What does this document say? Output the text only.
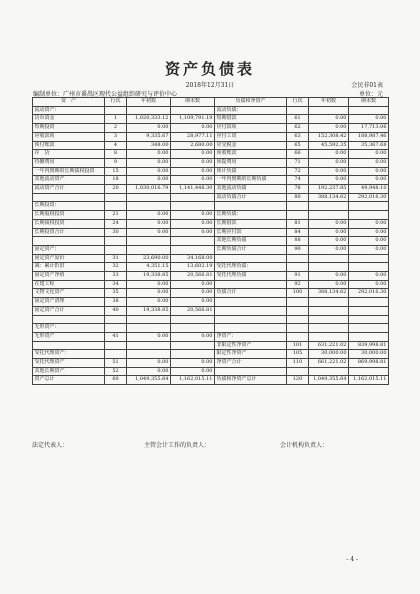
资产负债表
2018年12月31日	会民非01表
编制单位：广州市番禺区现代公益组织研究与评价中心	单位：元
资　产	行次	年初数	期末数	负债和净资产	行次	年初数	期末数
流动资产：				流动负债：			
货币资金	1	1,020,333.12	1,109,791.19	短期借款	61	0.00	0.00
短期投资	2	0.00	0.00	应付款项	62	0.00	17,713.06
应收款项	3	9,335.67	28,977.11	应付工资	63	152,308.42	188,987.46
预付账款	4	348.00	2,680.00	应交税金	65	45,592.35	35,367.68
存　货	8	0.00	0.00	预收账款	66	0.00	0.00
待摊费用	9	0.00	0.00	预提费用	71	0.00	0.00
一年内到期的长期债权投资	15	0.00	0.00	预计负债	72	0.00	0.00
其他流动资产	18	0.00	0.00	一年内到期的长期负债	74	0.00	0.00
流动资产合计	20	1,030,016.79	1,141,448.30	其他流动负债	78	192,237.85	49,948.10
				流动负债合计	80	388,134.62	292,016.30
长期投资：							
长期股权投资	21	0.00	0.00	长期负债：			
长期债权投资	24	0.00	0.00	长期借款	81	0.00	0.00
长期投资合计	30	0.00	0.00	长期应付款	84	0.00	0.00
				其他长期负债	88	0.00	0.00
固定资产：				长期负债合计	90	0.00	0.00
固定资产原价	31	23,690.00	34,168.00				
减：累计折旧	32	4,351.15	13,602.19	受托代理负债：			
固定资产净值	33	19,338.85	20,566.81	受托代理负债	91	0.00	0.00
在建工程	34	0.00	0.00		92	0.00	0.00
文物文化资产	35	0.00	0.00	负债合计	100	388,134.62	292,016.30
固定资产清理	38	0.00	0.00				
固定资产合计	40	19,338.85	20,566.81				

无形资产：							
无形资产	41	0.00	0.00	净资产：			
				非限定性净资产	101	631,221.02	839,998.81
受托代理资产：				限定性净资产	105	30,000.00	30,000.00
受托代理资产	51	0.00	0.00	净资产合计	110	661,221.02	869,998.81
其他长期资产	52	0.00	0.00				
资产总计	60	1,049,355.64	1,162,015.11	负债和净资产总计	120	1,049,355.64	1,162,015.11
法定代表人：	主管会计工作的负责人：	会计机构负责人：
- 4 -
